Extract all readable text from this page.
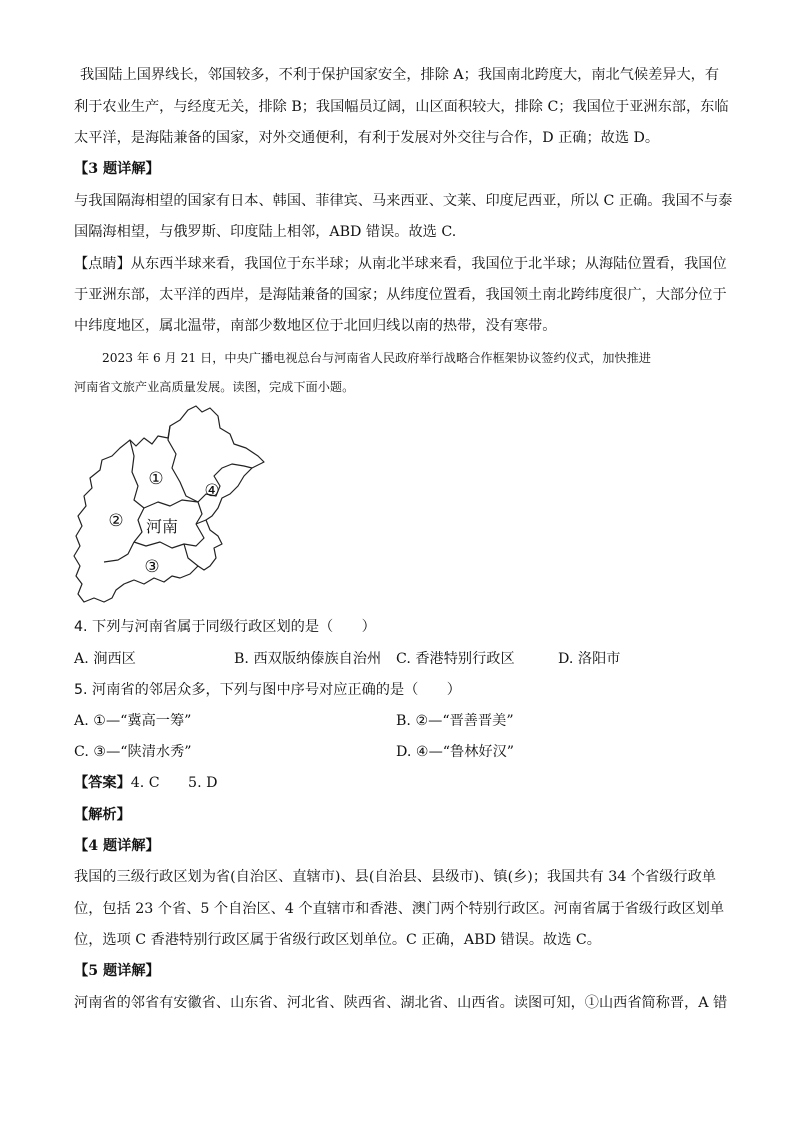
我国陆上国界线长，邻国较多，不利于保护国家安全，排除 A；我国南北跨度大，南北气候差异大，有
利于农业生产，与经度无关，排除 B；我国幅员辽阔，山区面积较大，排除 C；我国位于亚洲东部，东临
太平洋，是海陆兼备的国家，对外交通便利，有利于发展对外交往与合作，D 正确；故选 D。
【3 题详解】
与我国隔海相望的国家有日本、韩国、菲律宾、马来西亚、文莱、印度尼西亚，所以 C 正确。我国不与泰
国隔海相望，与俄罗斯、印度陆上相邻，ABD 错误。故选 C.
【点睛】从东西半球来看，我国位于东半球；从南北半球来看，我国位于北半球；从海陆位置看，我国位
于亚洲东部，太平洋的西岸，是海陆兼备的国家；从纬度位置看，我国领土南北跨纬度很广，大部分位于
中纬度地区，属北温带，南部少数地区位于北回归线以南的热带，没有寒带。
2023 年 6 月 21 日，中央广播电视总台与河南省人民政府举行战略合作框架协议签约仪式，加快推进
河南省文旅产业高质量发展。读图，完成下面小题。
①
②
③
④
河南
4. 下列与河南省属于同级行政区划的是（　　）
A. 涧西区	B. 西双版纳傣族自治州 C. 香港特别行政区	D. 洛阳市
5. 河南省的邻居众多，下列与图中序号对应正确的是（　　）
A. ①—“冀高一筹”	B. ②—“晋善晋美”
C. ③—“陕清水秀”	D. ④—“鲁林好汉”
【答案】4. C　　5. D
【解析】
【4 题详解】
我国的三级行政区划为省(自治区、直辖市)、县(自治县、县级市)、镇(乡)；我国共有 34 个省级行政单
位，包括 23 个省、5 个自治区、4 个直辖市和香港、澳门两个特别行政区。河南省属于省级行政区划单
位，选项 C 香港特别行政区属于省级行政区划单位。C 正确，ABD 错误。故选 C。
【5 题详解】
河南省的邻省有安徽省、山东省、河北省、陕西省、湖北省、山西省。读图可知，①山西省简称晋，A 错
